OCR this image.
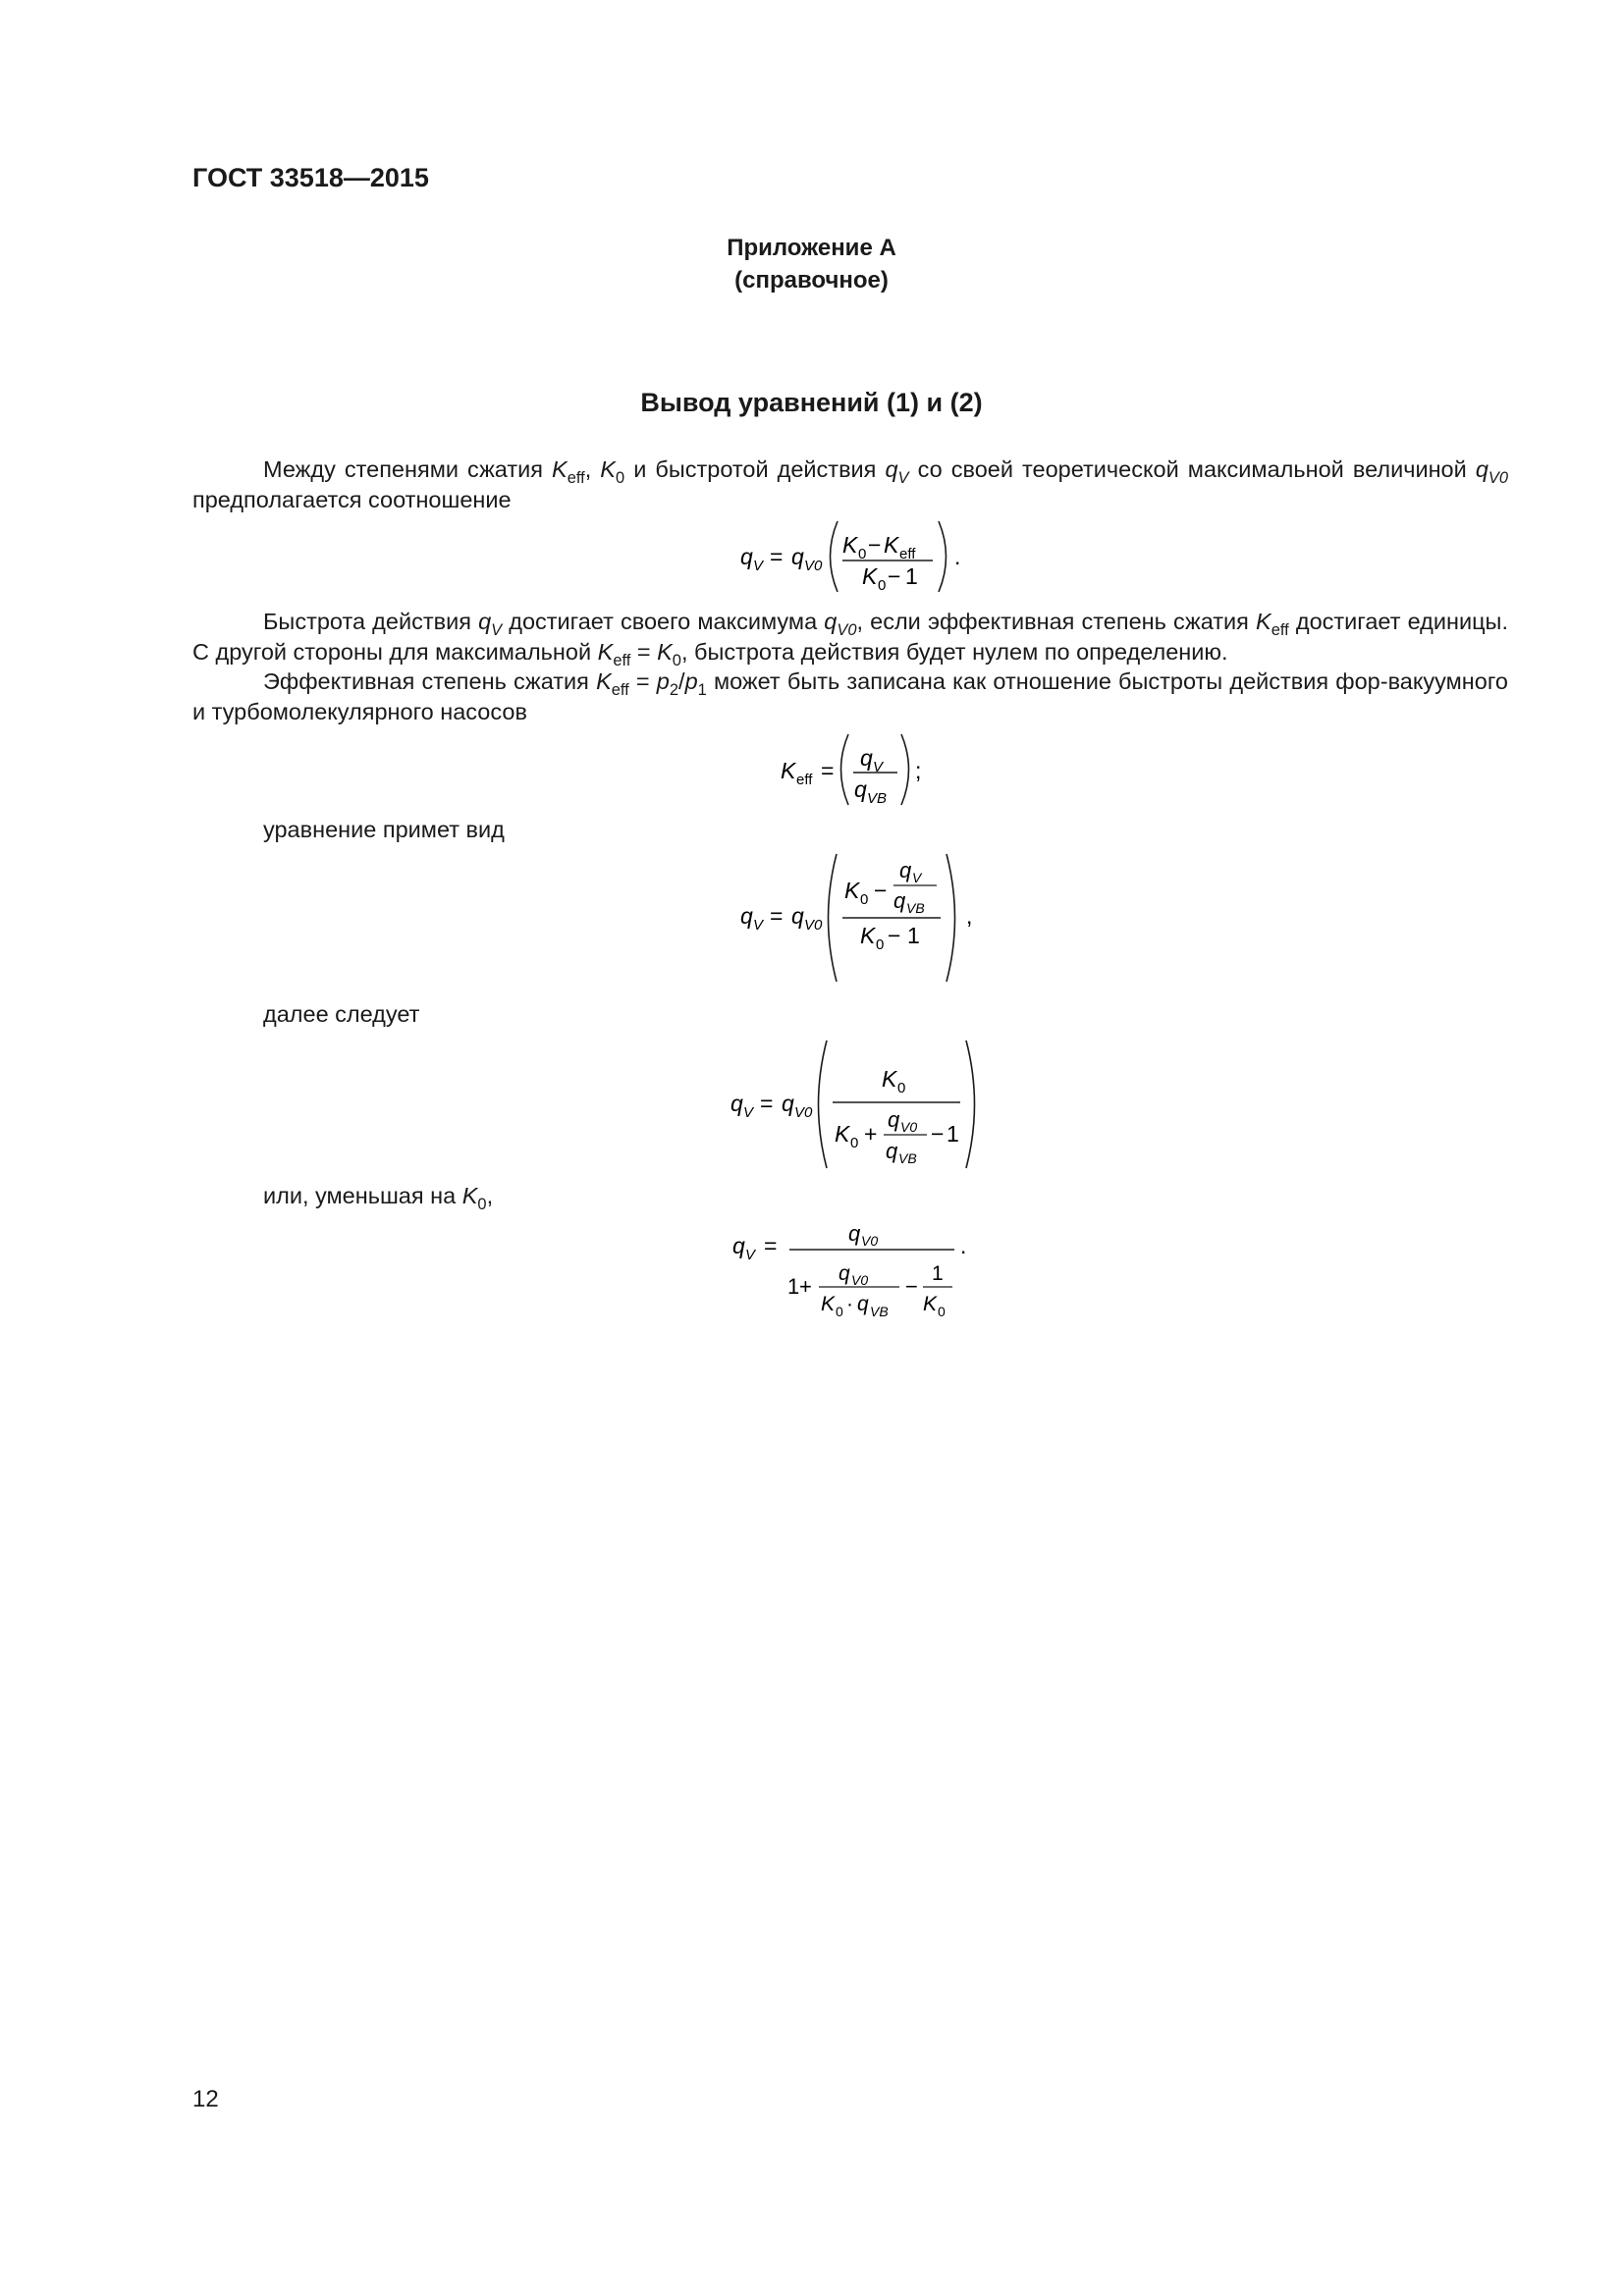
ГОСТ 33518—2015
Приложение А
(справочное)
Вывод уравнений (1) и (2)

Между степенями сжатия $K_{eff}$, $K_0$ и быстротой действия $q_V$ со своей теоретической максимальной величиной $q_{V0}$ предполагается соотношение

q V = q V0
K 0 − K eff
K 0 − 1
.

Быстрота действия $q_V$ достигает своего максимума $q_{V0}$, если эффективная степень сжатия $K_{eff}$ достигает единицы. С другой стороны для максимальной $K_{eff} = K_0$, быстрота действия будет нулем по определению.

Эффективная степень сжатия $K_{eff} = p_2/p_1$ может быть записана как отношение быстроты действия фор-вакуумного и турбомолекулярного насосов

K eff = q V
q VB
;
уравнение примет вид
q V = q V0
K 0 −
q V
q VB
K 0 − 1
,
далее следует
q V = q V0
K 0
K 0 +
q V0
q VB
− 1
или, уменьшая на $K_0$,
q V =	q V0
1 +
q V0
K 0 · q VB
−
1
K 0
.
12
